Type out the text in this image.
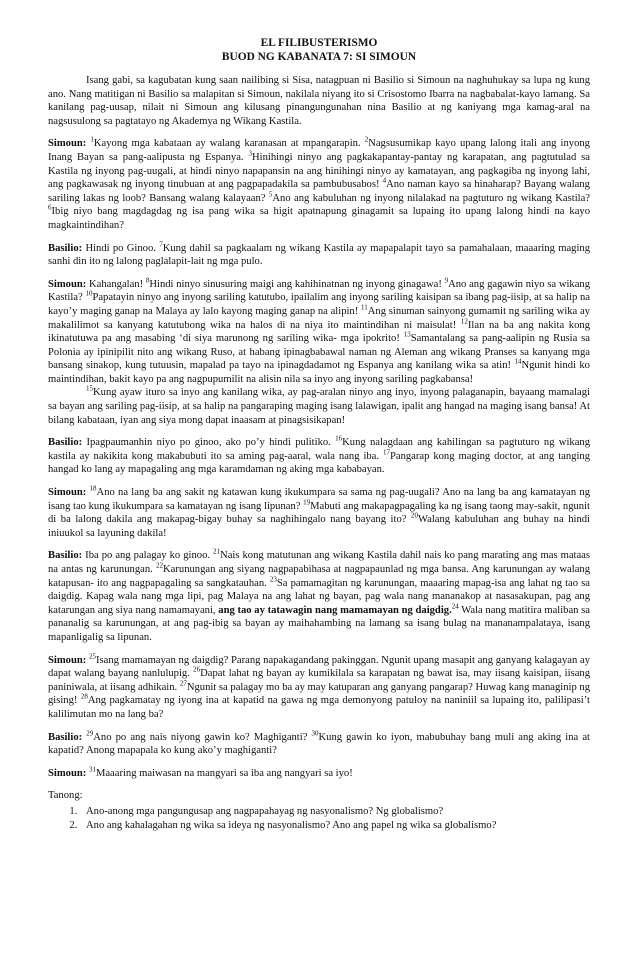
EL FILIBUSTERISMO
BUOD NG KABANATA 7: SI SIMOUN

Isang gabi, sa kagubatan kung saan nailibing si Sisa, natagpuan ni Basilio si Simoun na naghuhukay sa lupa ng kung ano. Nang matitigan ni Basilio sa malapitan si Simoun, nakilala niyang ito si Crisostomo Ibarra na nagbabalat-kayo lamang. Sa kanilang pag-uusap, nilait ni Simoun ang kilusang pinangungunahan nina Basilio at ng kaniyang mga kamag-aral na nagsusulong sa pagtatayo ng Akademya ng Wikang Kastila.

Simoun: $^1$Kayong mga kabataan ay walang karanasan at mpangarapin. $^2$Nagsusumikap kayo upang lalong itali ang inyong Inang Bayan sa pang-aalipusta ng Espanya. $^3$Hinihingi ninyo ang pagkakapantay-pantay ng karapatan, ang pagtutulad sa Kastila ng inyong pag-uugali, at hindi ninyo napapansin na ang hinihingi ninyo ay kamatayan, ang pagkagiba ng inyong lahi, ang pagkawasak ng inyong tinubuan at ang pagpapadakila sa pambubusabos! $^4$Ano naman kayo sa hinaharap? Bayang walang sariling lakas ng loob? Bansang walang kalayaan? $^5$Ano ang kabuluhan ng inyong nilalakad na pagtuturo ng wikang Kastila? $^6$Ibig niyo bang magdagdag ng isa pang wika sa higit apatnapung ginagamit sa lupaing ito upang lalong hindi na kayo magkaintindihan?

Basilio: Hindi po Ginoo. $^7$Kung dahil sa pagkaalam ng wikang Kastila ay mapapalapit tayo sa pamahalaan, maaaring maging sanhi din ito ng lalong paglalapit-lait ng mga pulo.

Simoun: Kahangalan! $^8$Hindi ninyo sinusuring maigi ang kahihinatnan ng inyong ginagawa! $^9$Ano ang gagawin niyo sa wikang Kastila? $^{10}$Papatayin ninyo ang inyong sariling katutubo, ipailalim ang inyong sariling kaisipan sa ibang pag-iisip, at sa halip na kayo’y maging ganap na Malaya ay lalo kayong maging ganap na alipin! $^{11}$Ang sinuman sainyong gumamit ng sariling wika ay makalilimot sa kanyang katutubong wika na halos di na niya ito maintindihan ni maisulat! $^{12}$Ilan na ba ang nakita kong ikinatutuwa pa ang masabing ‘di siya marunong ng sariling wika- mga ipokrito! $^{13}$Samantalang sa pang-aalipin ng Rusia sa Polonia ay ipinipilit nito ang wikang Ruso, at habang ipinagbabawal naman ng Aleman ang wikang Pranses sa kanyang mga bansang sinakop, kung tutuusin, mapalad pa tayo na ipinagdadamot ng Espanya ang kanilang wika sa atin! $^{14}$Ngunit hindi ko maintindihan, bakit kayo pa ang nagpupumilit na alisin nila sa inyo ang inyong sariling pagkabansa!
$^{15}$Kung ayaw ituro sa inyo ang kanilang wika, ay pag-aralan ninyo ang inyo, inyong palaganapin, bayaang mamalagi sa bayan ang sariling pag-iisip, at sa halip na pangaraping maging isang lalawigan, ipalit ang hangad na maging isang bansa! At bilang kabataan, iyan ang siya mong dapat inaasam at pinagsisikapan!

Basilio: Ipagpaumanhin niyo po ginoo, ako po’y hindi pulitiko. $^{16}$Kung nalagdaan ang kahilingan sa pagtuturo ng wikang kastila ay nakikita kong makabubuti ito sa aming pag-aaral, wala nang iba. $^{17}$Pangarap kong maging doctor, at ang tanging hangad ko lang ay mapagaling ang mga karamdaman ng aking mga kababayan.

Simoun: $^{18}$Ano na lang ba ang sakit ng katawan kung ikukumpara sa sama ng pag-uugali? Ano na lang ba ang kamatayan ng isang tao kung ikukumpara sa kamatayan ng isang lipunan? $^{19}$Mabuti ang makapagpagaling ka ng isang taong may-sakit, ngunit di ba lalong dakila ang makapag-bigay buhay sa naghihingalo nang bayang ito? $^{20}$Walang kabuluhan ang buhay na hindi iniuukol sa layuning dakila!

Basilio: Iba po ang palagay ko ginoo. $^{21}$Nais kong matutunan ang wikang Kastila dahil nais ko pang marating ang mas mataas na antas ng karunungan. $^{22}$Karunungan ang siyang nagpapabihasa at nagpapaunlad ng mga bansa. Ang karunungan ay walang katapusan- ito ang nagpapagaling sa sangkatauhan. $^{23}$Sa pamamagitan ng karunungan, maaaring mapag-isa ang lahat ng tao sa daigdig. Kapag wala nang mga lipi, pag Malaya na ang lahat ng bayan, pag wala nang mananakop at nasasakupan, pag ang katarungan ang siya nang namamayani, ang tao ay tatawagin nang mamamayan ng daigdig.$^{24}$ Wala nang matitira maliban sa pananalig sa karunungan, at ang pag-ibig sa bayan ay maihahambing na lamang sa isang bulag na mananampalataya, isang mapanligalig sa lipunan.

Simoun: $^{25}$Isang mamamayan ng daigdig? Parang napakagandang pakinggan. Ngunit upang masapit ang ganyang kalagayan ay dapat walang bayang nanlulupig. $^{26}$Dapat lahat ng bayan ay kumikilala sa karapatan ng bawat isa, may iisang kaisipan, iisang paniniwala, at iisang adhikain. $^{27}$Ngunit sa palagay mo ba ay may katuparan ang ganyang pangarap? Huwag kang managinip ng gising! $^{28}$Ang pagkamatay ng iyong ina at kapatid na gawa ng mga demonyong patuloy na naniniil sa lupaing ito, palilipasi’t kalilimutan mo na lang ba?

Basilio: $^{29}$Ano po ang nais niyong gawin ko? Maghiganti? $^{30}$Kung gawin ko iyon, mabubuhay bang muli ang aking ina at kapatid? Anong mapapala ko kung ako’y maghiganti?

Simoun: $^{31}$Maaaring maiwasan na mangyari sa iba ang nangyari sa iyo!

Tanong:
1. Ano-anong mga pangungusap ang nagpapahayag ng nasyonalismo? Ng globalismo?
2. Ano ang kahalagahan ng wika sa ideya ng nasyonalismo? Ano ang papel ng wika sa globalismo?
